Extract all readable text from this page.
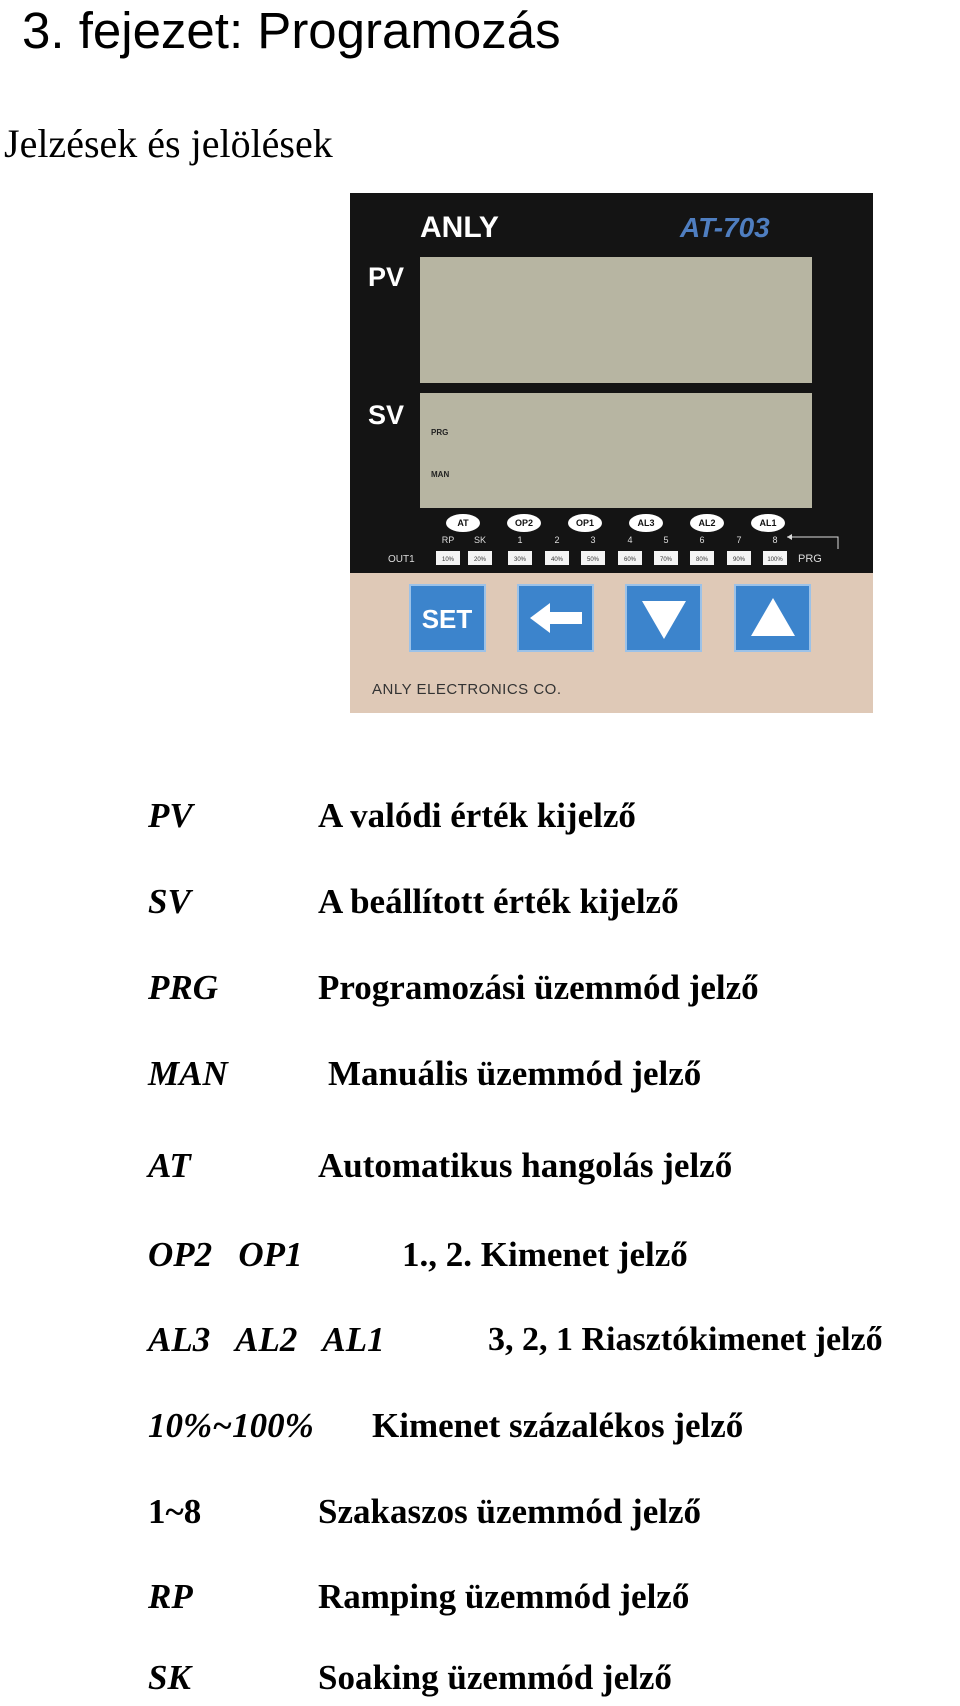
3. fejezet: Programozás
Jelzések és jelölések
ANLY	AT-703
PV
SV
PRG
MAN
AT	OP2	OP1	AL3	AL2	AL1
RP SK	1	2	3	4	5	6	7	8
OUT1	10%	20%	30%	40%	50%	60%	70%	80%	90%	100% PRG
SET
ANLY ELECTRONICS CO.
PV	A valódi érték kijelző
SV	A beállított érték kijelző
PRG	Programozási üzemmód jelző
MAN	Manuális üzemmód jelző
AT	Automatikus hangolás jelző
OP2   OP1	1., 2. Kimenet jelző
AL3   AL2   AL1	3, 2, 1 Riasztókimenet jelző
10%~100% Kimenet százalékos jelző
1~8	Szakaszos üzemmód jelző
RP	Ramping üzemmód jelző
SK	Soaking üzemmód jelző
